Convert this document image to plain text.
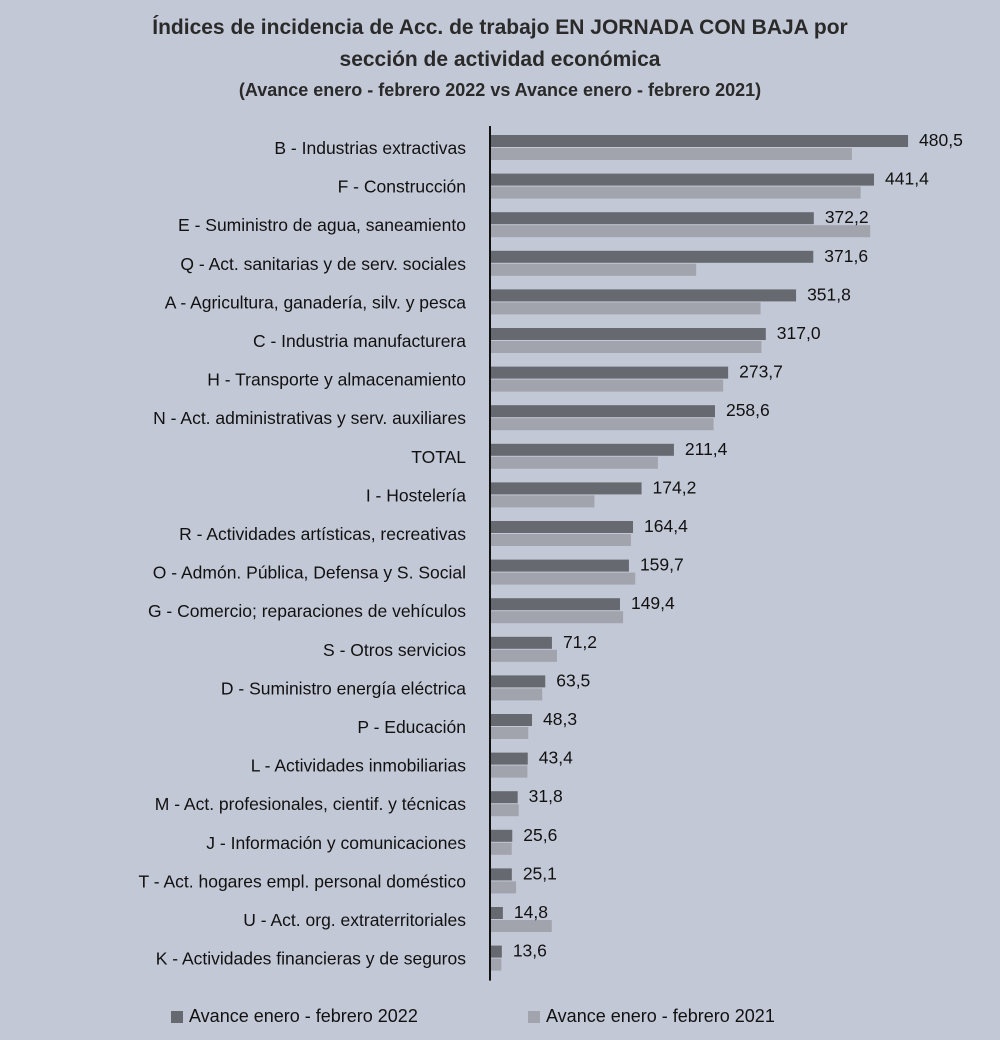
Índices de incidencia de Acc. de trabajo EN JORNADA CON BAJA por
sección de actividad económica
(Avance enero - febrero 2022 vs Avance enero - febrero 2021)
B - Industrias extractivas	480,5
F - Construcción	441,4
E - Suministro de agua, saneamiento	372,2
Q - Act. sanitarias y de serv. sociales	371,6
A - Agricultura, ganadería, silv. y pesca	351,8
C - Industria manufacturera	317,0
H - Transporte y almacenamiento	273,7
N - Act. administrativas y serv. auxiliares	258,6
TOTAL	211,4
I - Hostelería	174,2
R - Actividades artísticas, recreativas	164,4
O - Admón. Pública, Defensa y S. Social	159,7
G - Comercio; reparaciones de vehículos	149,4
S - Otros servicios	71,2
D - Suministro energía eléctrica	63,5
P - Educación	48,3
L - Actividades inmobiliarias	43,4
M - Act. profesionales, cientif. y técnicas	31,8
J - Información y comunicaciones	25,6
T - Act. hogares empl. personal doméstico	25,1
U - Act. org. extraterritoriales	14,8
K - Actividades financieras y de seguros	13,6
Avance enero - febrero 2022	Avance enero - febrero 2021
